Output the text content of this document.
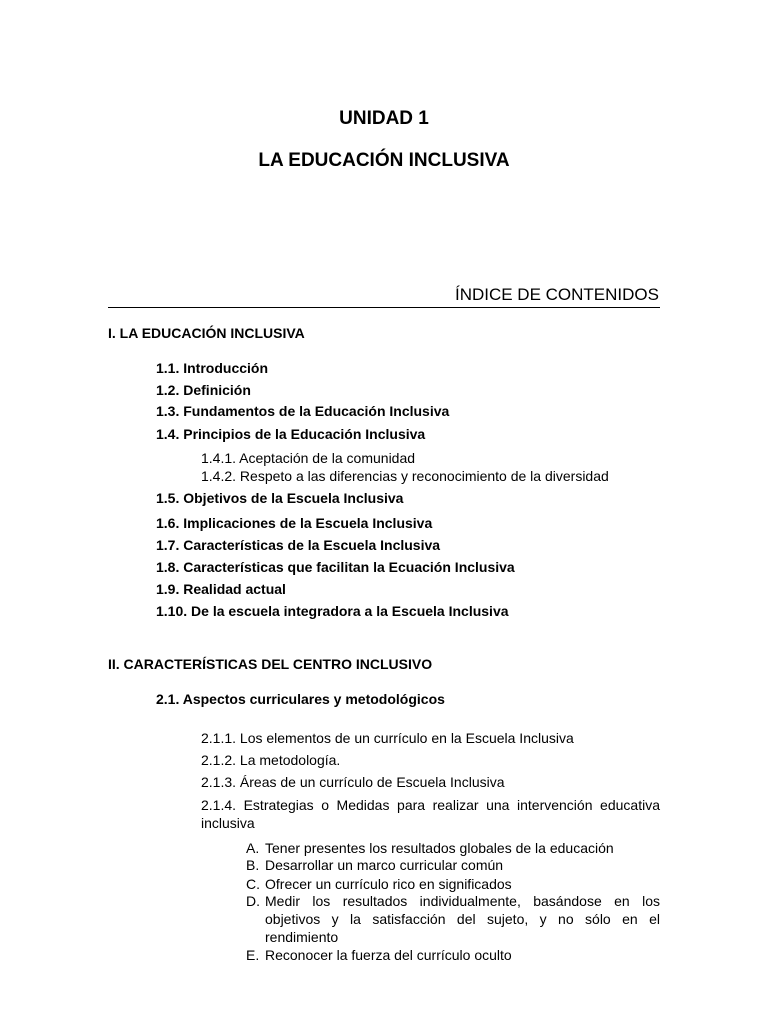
UNIDAD 1
LA EDUCACIÓN INCLUSIVA
ÍNDICE DE CONTENIDOS
I. LA EDUCACIÓN INCLUSIVA
1.1. Introducción
1.2. Definición
1.3. Fundamentos de la Educación Inclusiva
1.4. Principios de la Educación Inclusiva
1.4.1. Aceptación de la comunidad
1.4.2. Respeto a las diferencias y reconocimiento de la diversidad
1.5. Objetivos de la Escuela Inclusiva
1.6. Implicaciones de la Escuela Inclusiva
1.7. Características de la Escuela Inclusiva
1.8. Características que facilitan la Ecuación Inclusiva
1.9. Realidad actual
1.10. De la escuela integradora a la Escuela Inclusiva
II. CARACTERÍSTICAS DEL CENTRO INCLUSIVO
2.1. Aspectos curriculares y metodológicos
2.1.1. Los elementos de un currículo en la Escuela Inclusiva
2.1.2. La metodología.
2.1.3. Áreas de un currículo de Escuela Inclusiva
2.1.4. Estrategias o Medidas para realizar una intervención educativa inclusiva
A. Tener presentes los resultados globales de la educación
B. Desarrollar un marco curricular común
C. Ofrecer un currículo rico en significados
D. Medir los resultados individualmente, basándose en los objetivos y la satisfacción del sujeto, y no sólo en el rendimiento
E. Reconocer la fuerza del currículo oculto
